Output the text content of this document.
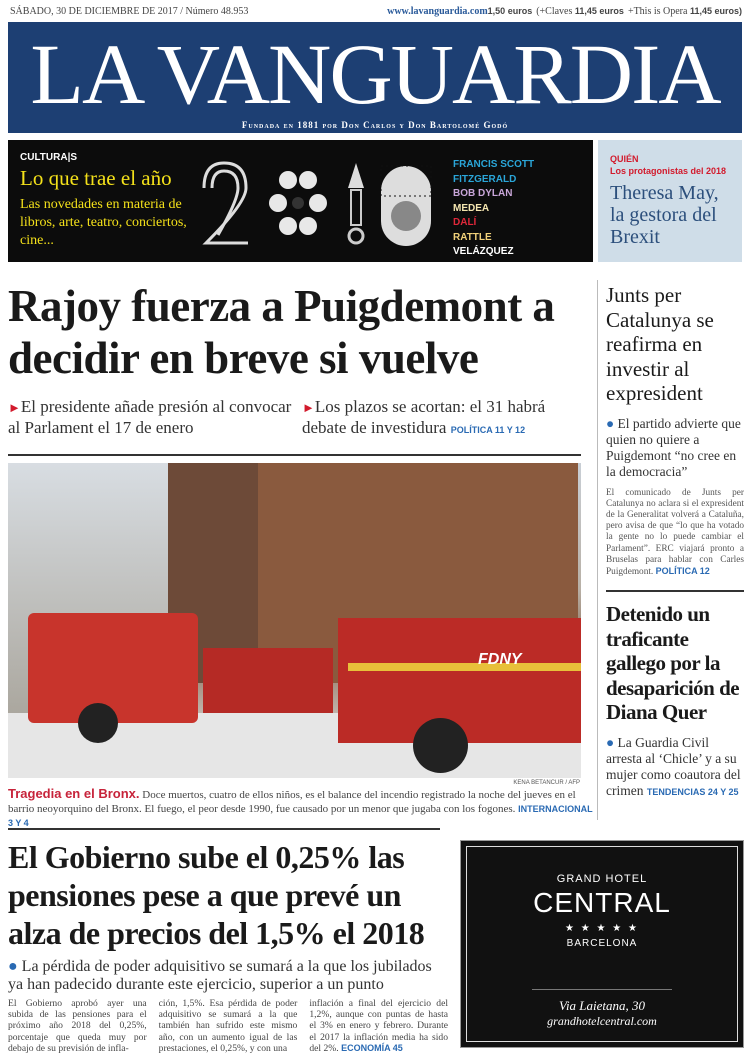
SÁBADO, 30 DE DICIEMBRE DE 2017 / Número 48.953	www.lavanguardia.com1,50 euros (+Claves 11,45 euros +This is Opera 11,45 euros)
LA VANGUARDIA
Fundada en 1881 por Don Carlos y Don Bartolomé Godó
CULTURA|S
Lo que trae el año
Las novedades en materia de libros, arte, teatro, conciertos, cine...
FRANCIS SCOTT FITZGERALD
BOB DYLAN
MEDEA
DALÍ
RATTLE
VELÁZQUEZ
CHRISTOPHER PLUMMER
QUIÉN
Los protagonistas del 2018
Theresa May, la gestora del Brexit
Rajoy fuerza a Puigdemont a decidir en breve si vuelve
►El presidente añade presión al convocar al Parlament el 17 de enero
►Los plazos se acortan: el 31 habrá debate de investidura POLÍTICA 11 Y 12
FDNY
KENA BETANCUR / AFP
Tragedia en el Bronx. Doce muertos, cuatro de ellos niños, es el balance del incendio registrado la noche del jueves en el barrio neoyorquino del Bronx. El fuego, el peor desde 1990, fue causado por un menor que jugaba con los fogones. INTERNACIONAL 3 Y 4
Junts per Catalunya se reafirma en investir al expresident
● El partido advierte que quien no quiere a Puigdemont “no cree en la democracia”
El comunicado de Junts per Catalunya no aclara si el expresident de la Generalitat volverá a Cataluña, pero avisa de que “lo que ha votado la gente no lo puede cambiar el Parlament”. ERC viajará pronto a Bruselas para hablar con Carles Puigdemont. POLÍTICA 12
Detenido un traficante gallego por la desaparición de Diana Quer
● La Guardia Civil arresta al ‘Chicle’ y a su mujer como coautora del crimen TENDENCIAS 24 Y 25
El Gobierno sube el 0,25% las pensiones pese a que prevé un alza de precios del 1,5% el 2018
● La pérdida de poder adquisitivo se sumará a la que los jubilados ya han padecido durante este ejercicio, superior a un punto
El Gobierno aprobó ayer una subida de las pensiones para el próximo año 2018 del 0,25%, porcentaje que queda muy por debajo de su previsión de infla-
ción, 1,5%. Esa pérdida de poder adquisitivo se sumará a la que también han sufrido este mismo año, con un aumento igual de las prestaciones, el 0,25%, y con una
inflación a final del ejercicio del 1,2%, aunque con puntas de hasta el 3% en enero y febrero. Durante el 2017 la inflación media ha sido del 2%. ECONOMÍA 45
GRAND HOTEL
CENTRAL
★ ★ ★ ★ ★
BARCELONA
Via Laietana, 30
grandhotelcentral.com
